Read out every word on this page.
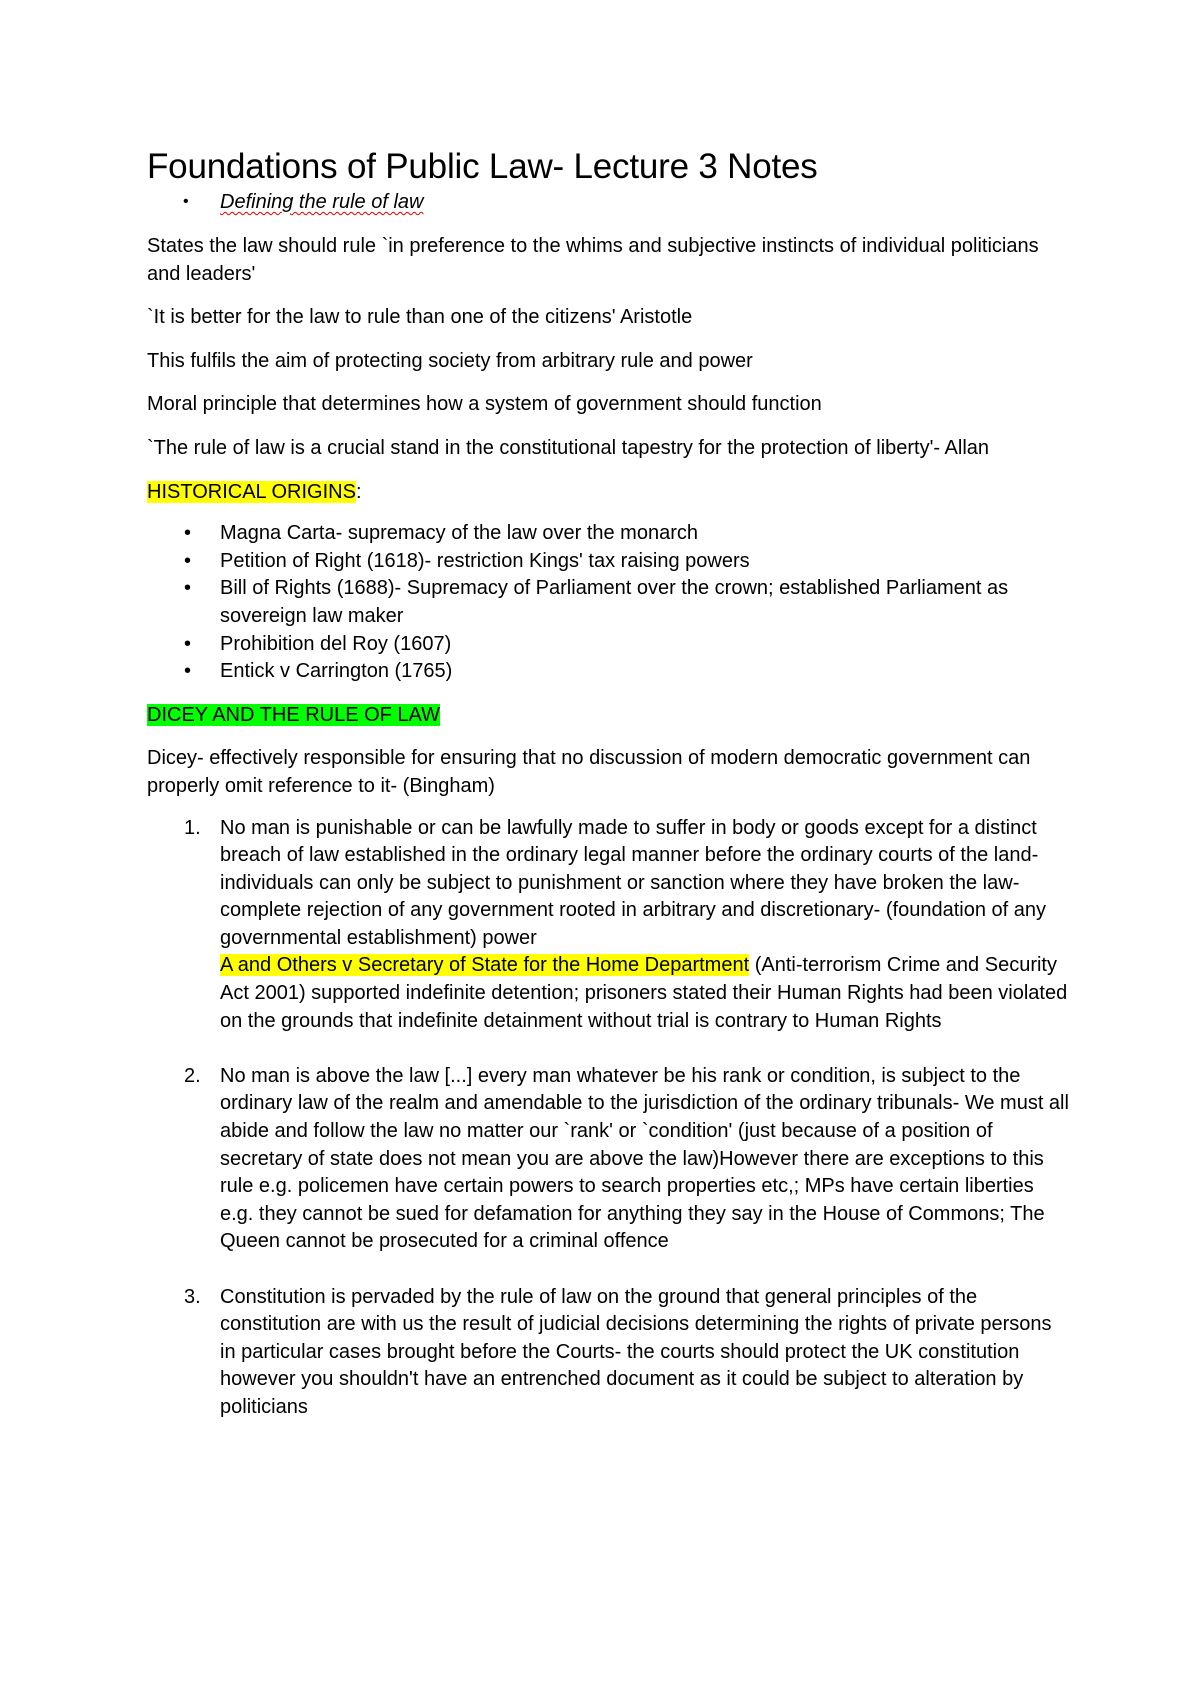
Foundations of Public Law- Lecture 3 Notes
• Defining the rule of law

States the law should rule `in preference to the whims and subjective instincts of individual politicians and leaders'

`It is better for the law to rule than one of the citizens' Aristotle

This fulfils the aim of protecting society from arbitrary rule and power

Moral principle that determines how a system of government should function

`The rule of law is a crucial stand in the constitutional tapestry for the protection of liberty'- Allan

HISTORICAL ORIGINS:

• Magna Carta- supremacy of the law over the monarch
• Petition of Right (1618)- restriction Kings' tax raising powers
• Bill of Rights (1688)- Supremacy of Parliament over the crown; established Parliament as sovereign law maker
• Prohibition del Roy (1607)
• Entick v Carrington (1765)

DICEY AND THE RULE OF LAW

Dicey- effectively responsible for ensuring that no discussion of modern democratic government can properly omit reference to it- (Bingham)

1. No man is punishable or can be lawfully made to suffer in body or goods except for a distinct breach of law established in the ordinary legal manner before the ordinary courts of the land- individuals can only be subject to punishment or sanction where they have broken the law- complete rejection of any government rooted in arbitrary and discretionary- (foundation of any governmental establishment) power
A and Others v Secretary of State for the Home Department (Anti-terrorism Crime and Security Act 2001) supported indefinite detention; prisoners stated their Human Rights had been violated on the grounds that indefinite detainment without trial is contrary to Human Rights
2. No man is above the law [...] every man whatever be his rank or condition, is subject to the ordinary law of the realm and amendable to the jurisdiction of the ordinary tribunals- We must all abide and follow the law no matter our `rank' or `condition' (just because of a position of secretary of state does not mean you are above the law)However there are exceptions to this rule e.g. policemen have certain powers to search properties etc,; MPs have certain liberties e.g. they cannot be sued for defamation for anything they say in the House of Commons; The Queen cannot be prosecuted for a criminal offence
3. Constitution is pervaded by the rule of law on the ground that general principles of the constitution are with us the result of judicial decisions determining the rights of private persons in particular cases brought before the Courts- the courts should protect the UK constitution however you shouldn't have an entrenched document as it could be subject to alteration by politicians
